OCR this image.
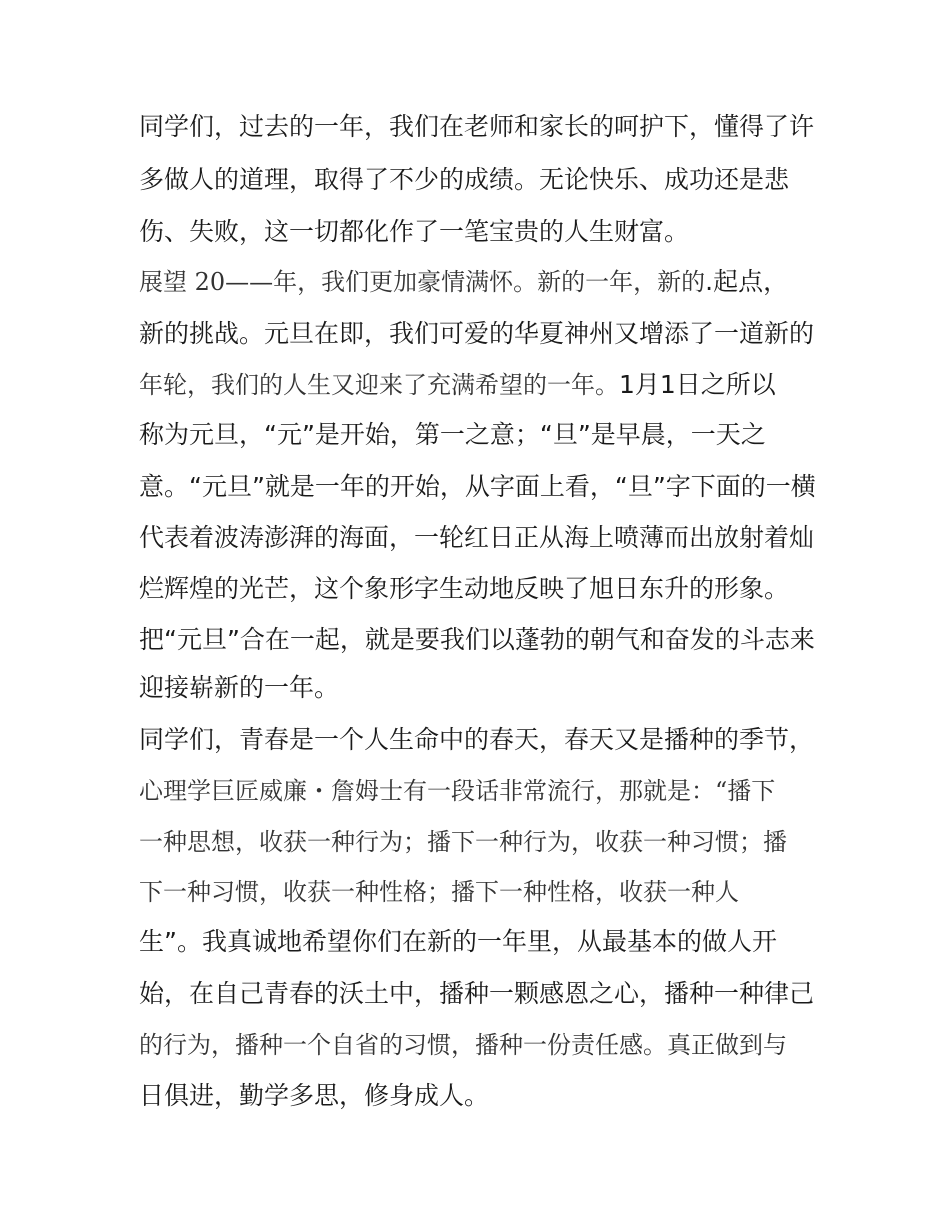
同学们，过去的一年，我们在老师和家长的呵护下，懂得了许
多做人的道理，取得了不少的成绩。无论快乐、成功还是悲
伤、失败，这一切都化作了一笔宝贵的人生财富。
展望 20——年，我们更加豪情满怀。新的一年，新的.起点，
新的挑战。元旦在即，我们可爱的华夏神州又增添了一道新的
年轮，我们的人生又迎来了充满希望的一年。1月1日之所以
称为元旦，“元”是开始，第一之意；“旦”是早晨，一天之
意。“元旦”就是一年的开始，从字面上看，“旦”字下面的一横
代表着波涛澎湃的海面，一轮红日正从海上喷薄而出放射着灿
烂辉煌的光芒，这个象形字生动地反映了旭日东升的形象。
把“元旦”合在一起，就是要我们以蓬勃的朝气和奋发的斗志来
迎接崭新的一年。
同学们，青春是一个人生命中的春天，春天又是播种的季节，
心理学巨匠威廉・詹姆士有一段话非常流行，那就是：“播下
一种思想，收获一种行为；播下一种行为，收获一种习惯；播
下一种习惯，收获一种性格；播下一种性格，收获一种人
生”。我真诚地希望你们在新的一年里，从最基本的做人开
始，在自己青春的沃土中，播种一颗感恩之心，播种一种律己
的行为，播种一个自省的习惯，播种一份责任感。真正做到与
日俱进，勤学多思，修身成人。
